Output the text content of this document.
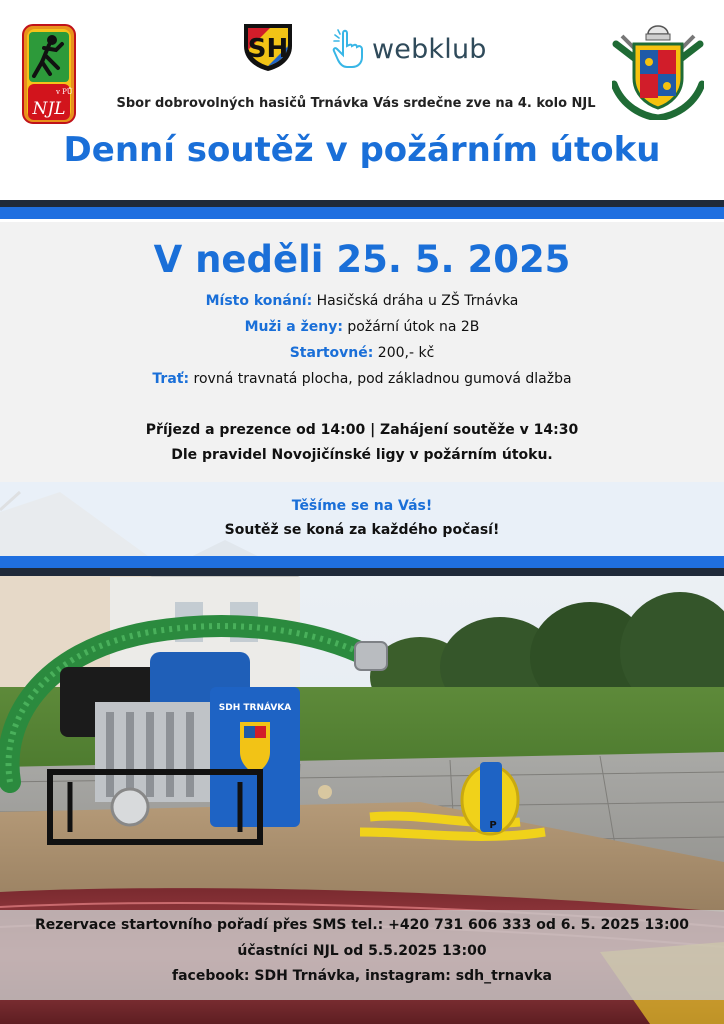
v PŮ
NJL
SH	webklub
Sbor dobrovolných hasičů Trnávka Vás srdečne zve na 4. kolo NJL
Denní soutěž v požárním útoku
V neděli 25. 5. 2025
Místo konání: Hasičská dráha u ZŠ Trnávka
Muži a ženy: požární útok na 2B
Startovné: 200,- kč
Trať: rovná travnatá plocha, pod základnou gumová dlažba
Příjezd a prezence od 14:00 | Zahájení soutěže v 14:30
Dle pravidel Novojičínské ligy v požárním útoku.
SDH TRNÁVKA
P
Těšíme se na Vás!
Soutěž se koná za každého počasí!
Rezervace startovního pořadí přes SMS tel.: +420 731 606 333 od 6. 5. 2025 13:00
účastníci NJL od 5.5.2025 13:00
facebook: SDH Trnávka, instagram: sdh_trnavka
